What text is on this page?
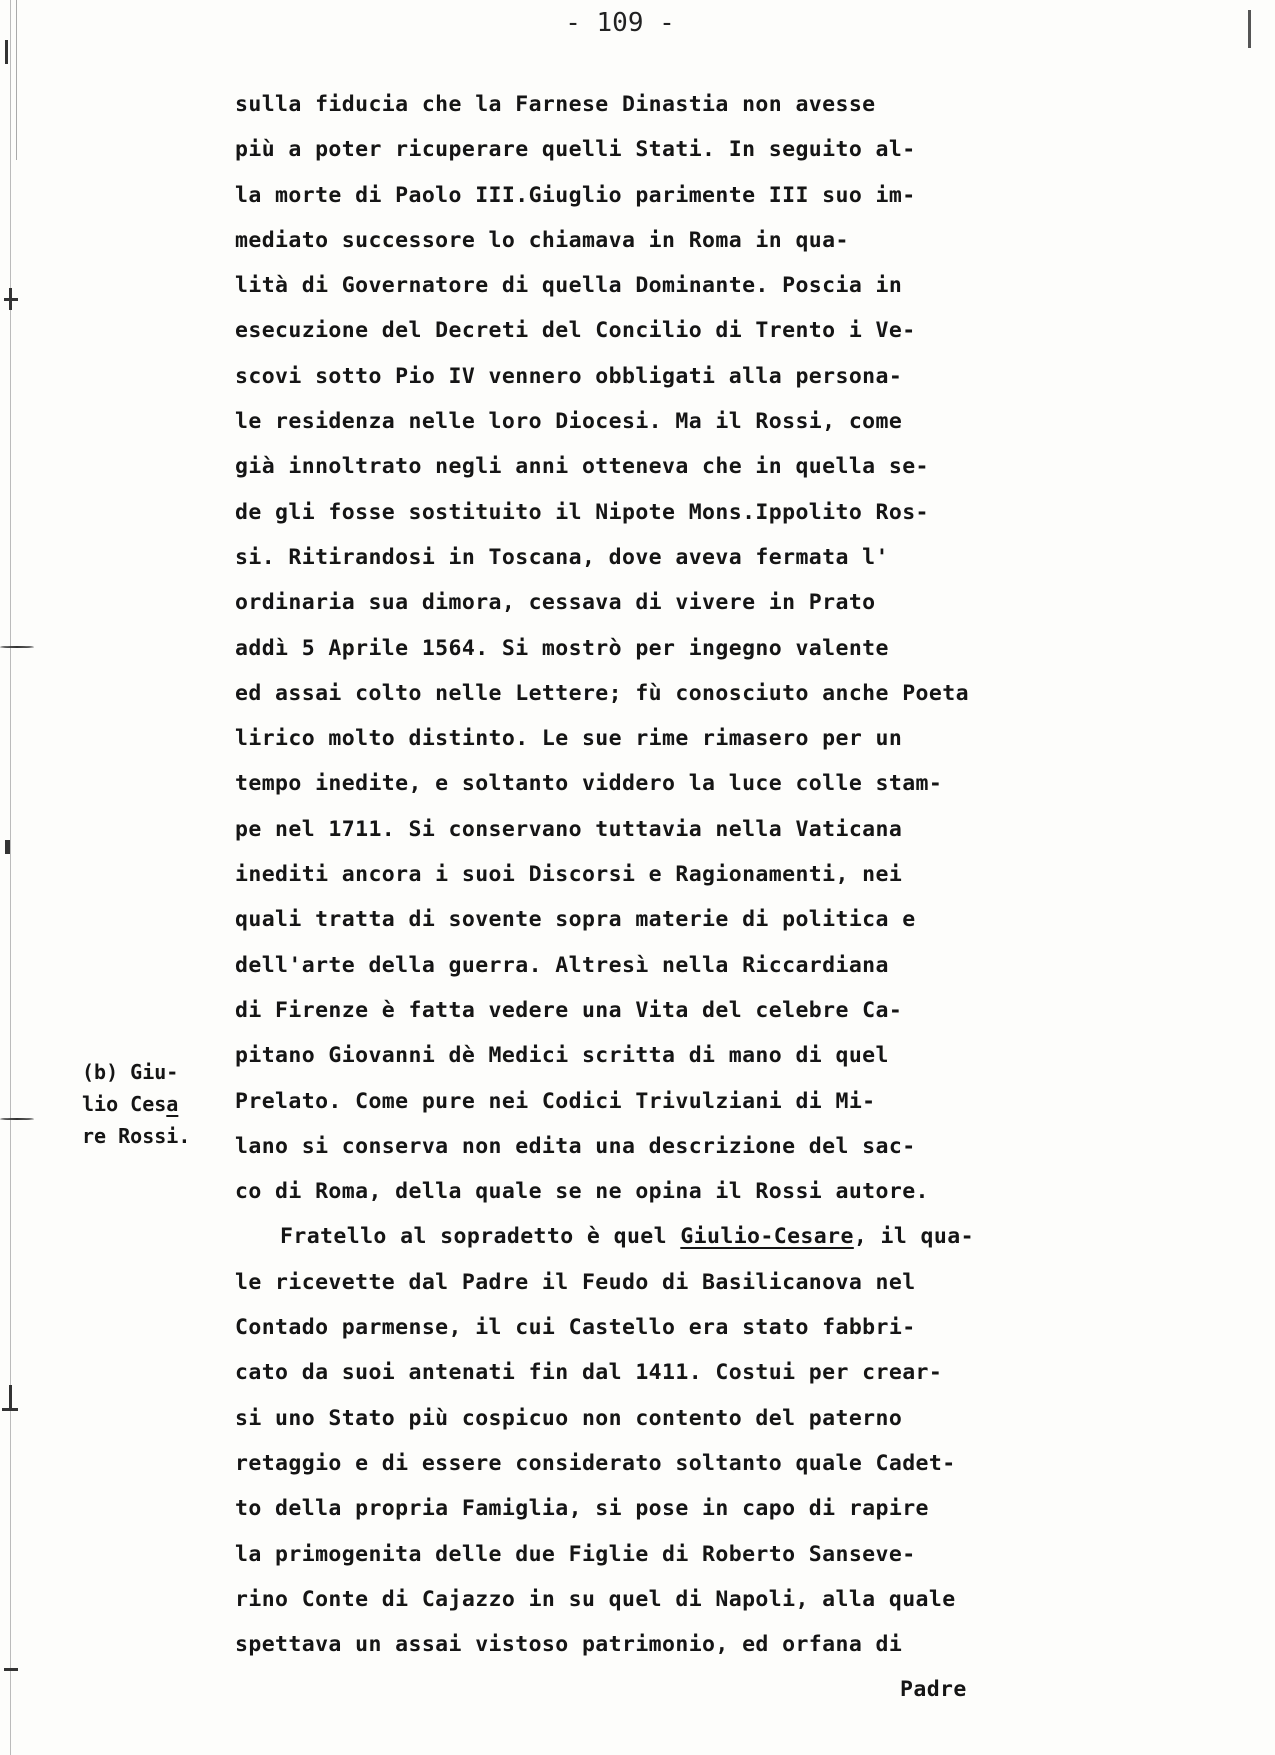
- 109 -
sulla fiducia che la Farnese Dinastia non avesse
più a poter ricuperare quelli Stati. In seguito al-
la morte di Paolo III.Giuglio parimente III suo im-
mediato successore lo chiamava in Roma in qua-
lità di Governatore di quella Dominante. Poscia in
esecuzione del Decreti del Concilio di Trento i Ve-
scovi sotto Pio IV vennero obbligati alla persona-
le residenza nelle loro Diocesi. Ma il Rossi, come
già innoltrato negli anni otteneva che in quella se-
de gli fosse sostituito il Nipote Mons.Ippolito Ros-
si. Ritirandosi in Toscana, dove aveva fermata l'
ordinaria sua dimora, cessava di vivere in Prato
addì 5 Aprile 1564. Si mostrò per ingegno valente
ed assai colto nelle Lettere; fù conosciuto anche Poeta
lirico molto distinto. Le sue rime rimasero per un
tempo inedite, e soltanto viddero la luce colle stam-
pe nel 1711. Si conservano tuttavia nella Vaticana
inediti ancora i suoi Discorsi e Ragionamenti, nei
quali tratta di sovente sopra materie di politica e
dell'arte della guerra. Altresì nella Riccardiana
di Firenze è fatta vedere una Vita del celebre Ca-
pitano Giovanni dè Medici scritta di mano di quel
Prelato. Come pure nei Codici Trivulziani di Mi-
lano si conserva non edita una descrizione del sac-
co di Roma, della quale se ne opina il Rossi autore.
Fratello al sopradetto è quel Giulio-Cesare, il qua-
le ricevette dal Padre il Feudo di Basilicanova nel
Contado parmense, il cui Castello era stato fabbri-
cato da suoi antenati fin dal 1411. Costui per crear-
si uno Stato più cospicuo non contento del paterno
retaggio e di essere considerato soltanto quale Cadet-
to della propria Famiglia, si pose in capo di rapire
la primogenita delle due Figlie di Roberto Sanseve-
rino Conte di Cajazzo in su quel di Napoli, alla quale
spettava un assai vistoso patrimonio, ed orfana di
Padre
(b) Giu-
lio Cesa
re Rossi.
